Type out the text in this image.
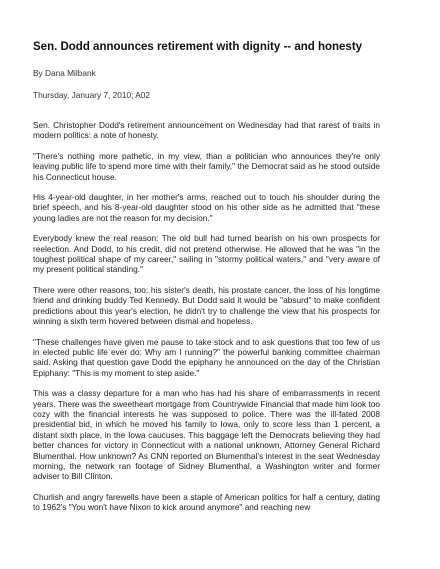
Sen. Dodd announces retirement with dignity -- and honesty

By Dana Milbank

Thursday, January 7, 2010; A02

Sen. Christopher Dodd's retirement announcement on Wednesday had that rarest of traits in modern politics: a note of honesty.

"There's nothing more pathetic, in my view, than a politician who announces they're only leaving public life to spend more time with their family," the Democrat said as he stood outside his Connecticut house.

His 4-year-old daughter, in her mother's arms, reached out to touch his shoulder during the brief speech, and his 8-year-old daughter stood on his other side as he admitted that "these young ladies are not the reason for my decision."

Everybody knew the real reason: The old bull had turned bearish on his own prospects for reelection. And Dodd, to his credit, did not pretend otherwise. He allowed that he was "in the toughest political shape of my career," sailing in "stormy political waters," and "very aware of my present political standing."

There were other reasons, too: his sister's death, his prostate cancer, the loss of his longtime friend and drinking buddy Ted Kennedy. But Dodd said it would be "absurd" to make confident predictions about this year's election, he didn't try to challenge the view that his prospects for winning a sixth term hovered between dismal and hopeless.

"These challenges have given me pause to take stock and to ask questions that too few of us in elected public life ever do: Why am I running?" the powerful banking committee chairman said. Asking that question gave Dodd the epiphany he announced on the day of the Christian Epiphany: "This is my moment to step aside."

This was a classy departure for a man who has had his share of embarrassments in recent years. There was the sweetheart mortgage from Countrywide Financial that made him look too cozy with the financial interests he was supposed to police. There was the ill-fated 2008 presidential bid, in which he moved his family to Iowa, only to score less than 1 percent, a distant sixth place, in the Iowa caucuses. This baggage left the Democrats believing they had better chances for victory in Connecticut with a national unknown, Attorney General Richard Blumenthal. How unknown? As CNN reported on Blumenthal's interest in the seat Wednesday morning, the network ran footage of Sidney Blumenthal, a Washington writer and former adviser to Bill Clinton.

Churlish and angry farewells have been a staple of American politics for half a century, dating to 1962's "You won't have Nixon to kick around anymore" and reaching new
